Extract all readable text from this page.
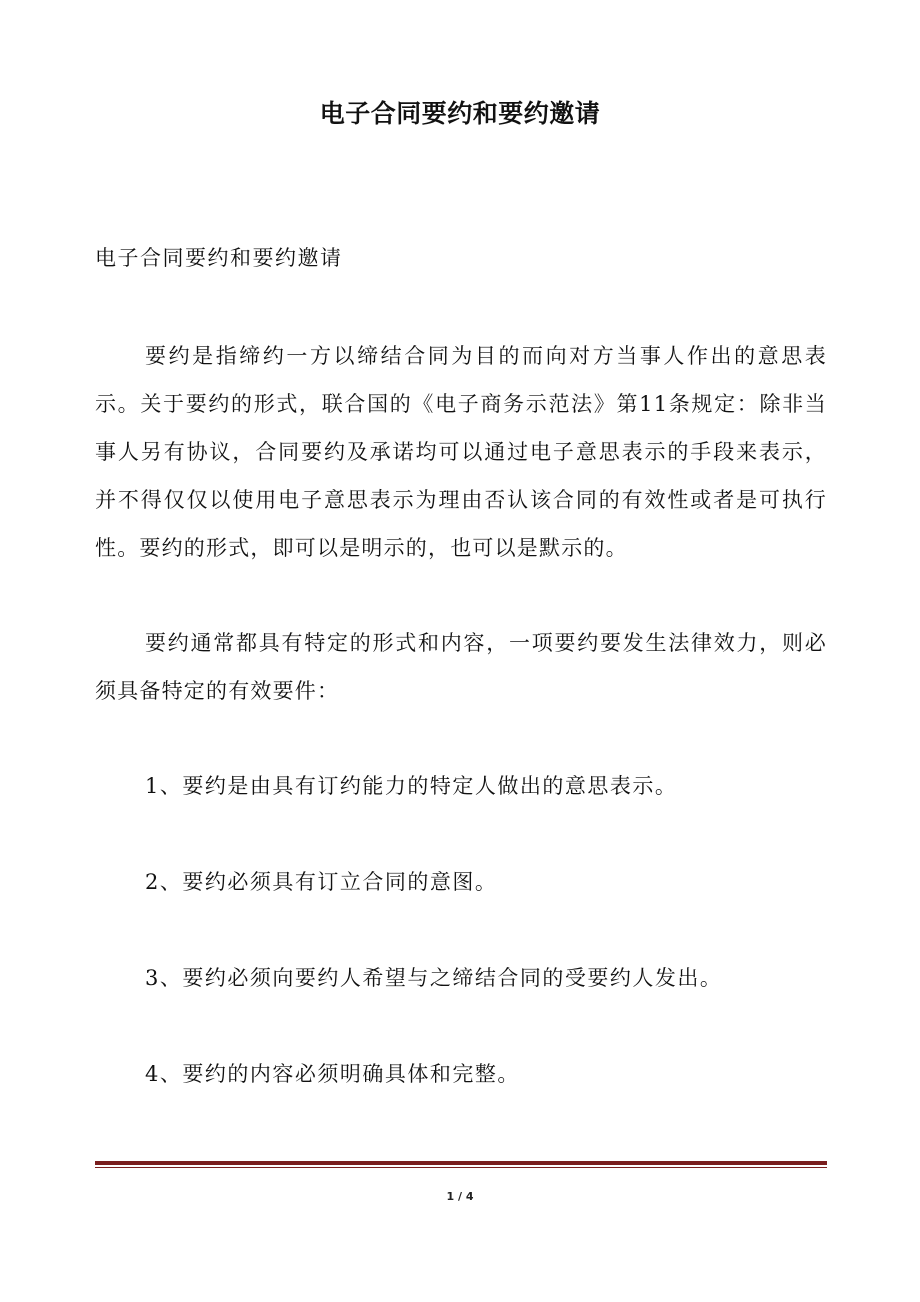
电子合同要约和要约邀请

电子合同要约和要约邀请

要约是指缔约一方以缔结合同为目的而向对方当事人作出的意思表示。关于要约的形式，联合国的《电子商务示范法》第11条规定：除非当事人另有协议，合同要约及承诺均可以通过电子意思表示的手段来表示，并不得仅仅以使用电子意思表示为理由否认该合同的有效性或者是可执行性。要约的形式，即可以是明示的，也可以是默示的。

要约通常都具有特定的形式和内容，一项要约要发生法律效力，则必须具备特定的有效要件：

1、要约是由具有订约能力的特定人做出的意思表示。

2、要约必须具有订立合同的意图。

3、要约必须向要约人希望与之缔结合同的受要约人发出。

4、要约的内容必须明确具体和完整。

1 / 4
